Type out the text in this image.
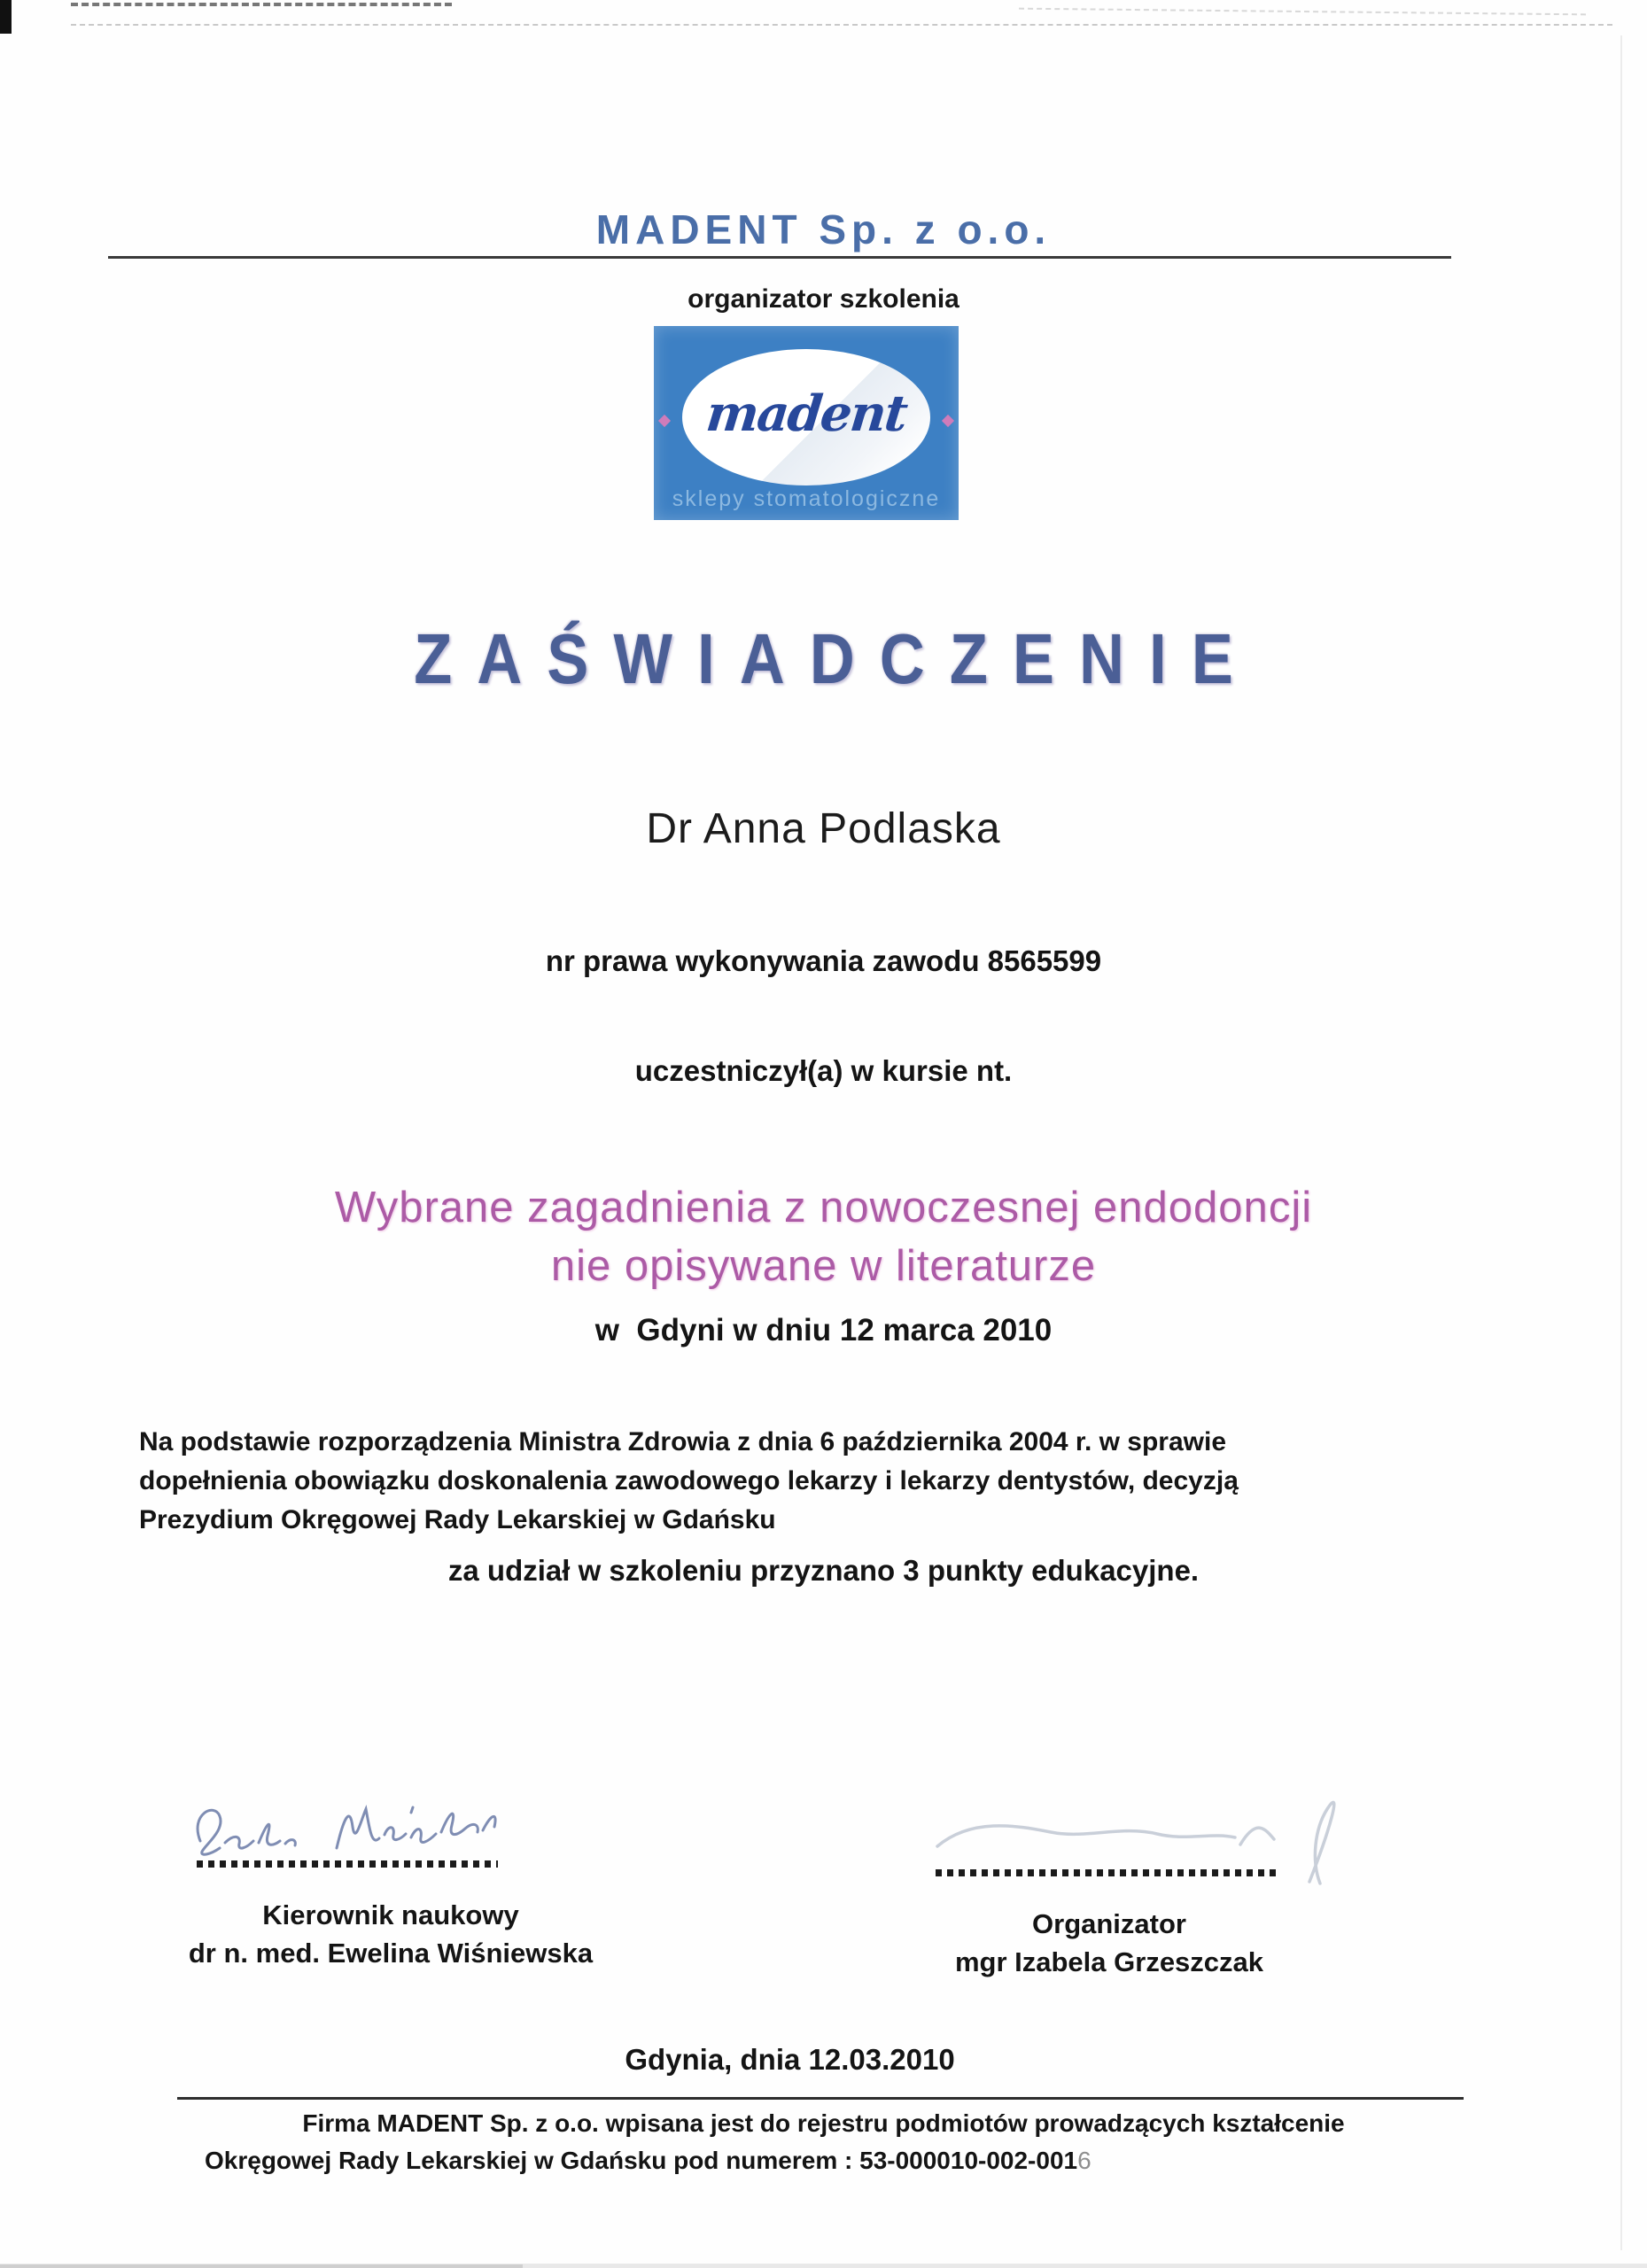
MADENT Sp. z o.o.
organizator szkolenia
madent
sklepy stomatologiczne
ZAŚWIADCZENIE
Dr Anna Podlaska
nr prawa wykonywania zawodu 8565599
uczestniczył(a) w kursie nt.
Wybrane zagadnienia z nowoczesnej endodoncji
nie opisywane w literaturze
w  Gdyni w dniu 12 marca 2010
Na podstawie rozporządzenia Ministra Zdrowia z dnia 6 października 2004 r. w sprawie dopełnienia obowiązku doskonalenia zawodowego lekarzy i lekarzy dentystów, decyzją Prezydium Okręgowej Rady Lekarskiej w Gdańsku
za udział w szkoleniu przyznano 3 punkty edukacyjne.
Kierownik naukowy
dr n. med. Ewelina Wiśniewska
Organizator
mgr Izabela Grzeszczak
Gdynia, dnia 12.03.2010
Firma MADENT Sp. z o.o. wpisana jest do rejestru podmiotów prowadzących kształcenie
Okręgowej Rady Lekarskiej w Gdańsku pod numerem : 53-000010-002-0016
